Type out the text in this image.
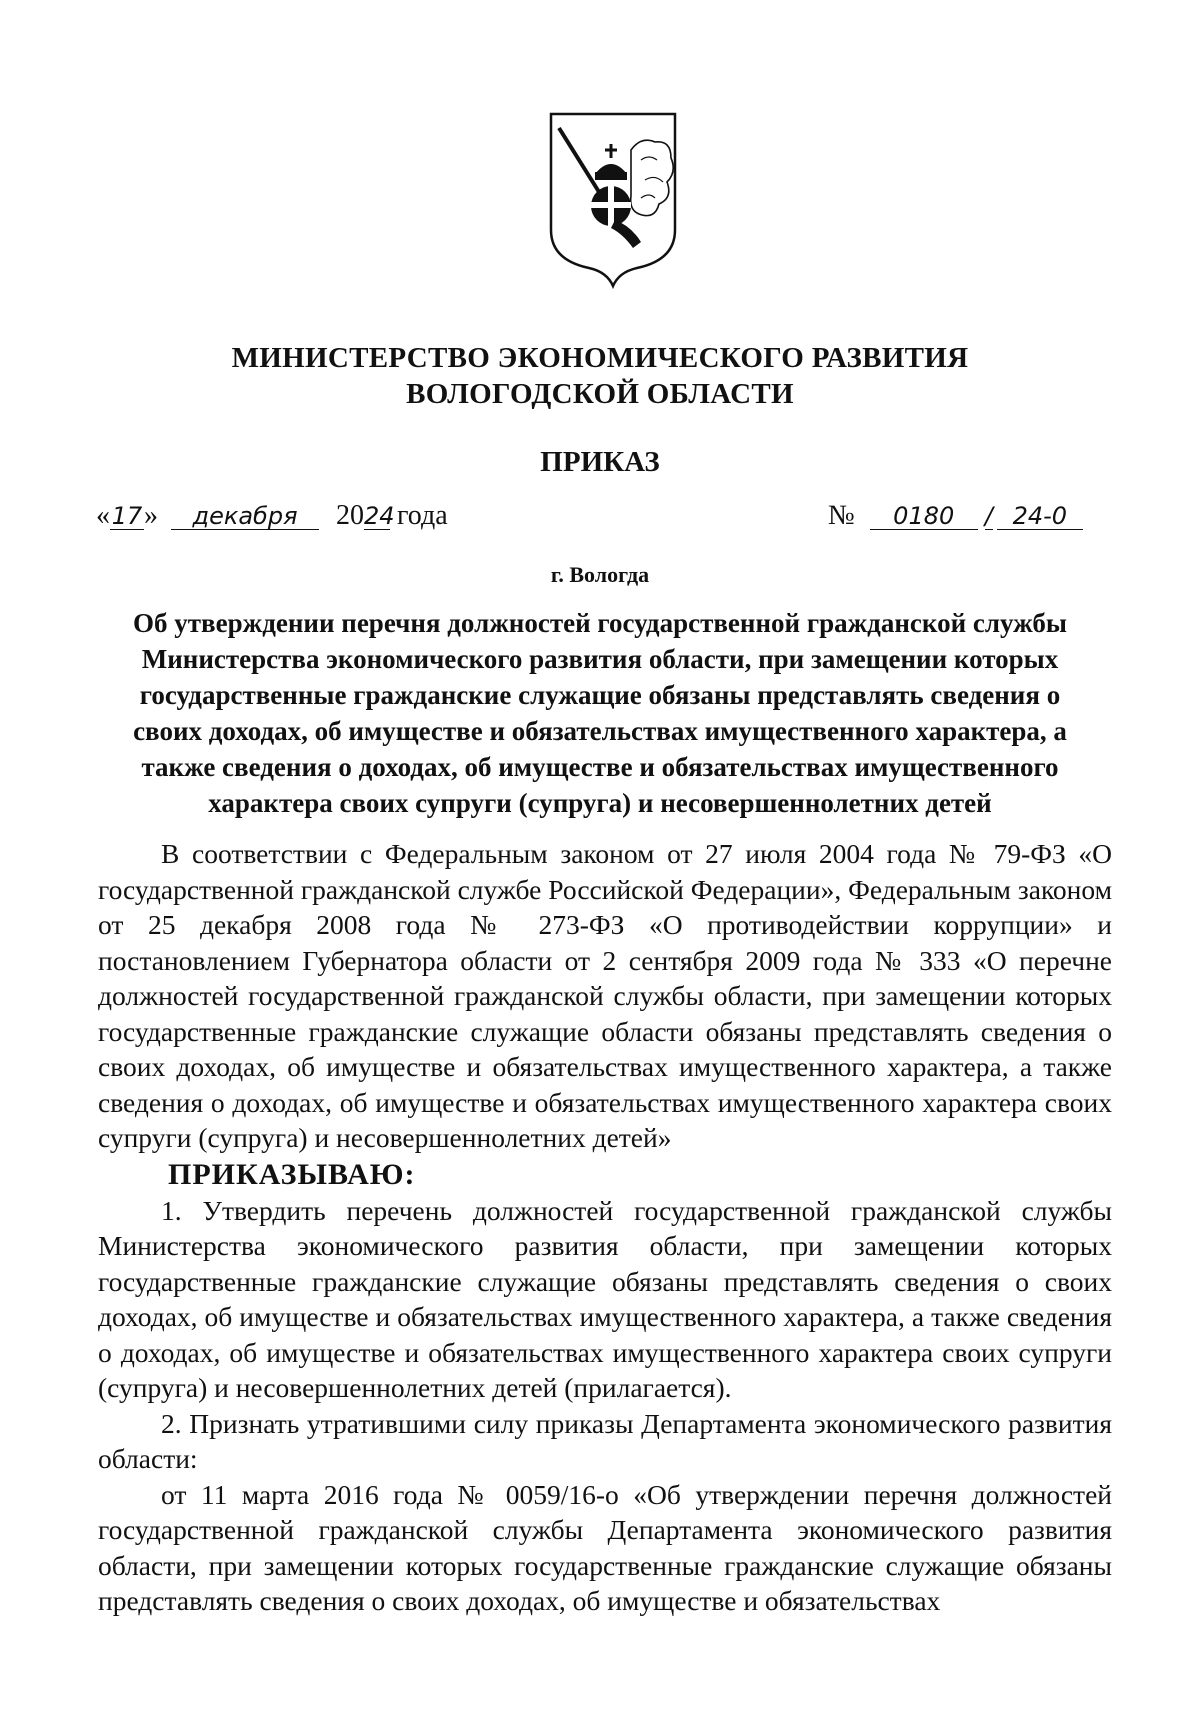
МИНИСТЕРСТВО ЭКОНОМИЧЕСКОГО РАЗВИТИЯ
ВОЛОГОДСКОЙ ОБЛАСТИ
ПРИКАЗ
«17» декабря 2024 года	№ 0180 / 24-0
г. Вологда
Об утверждении перечня должностей государственной гражданской службы Министерства экономического развития области, при замещении которых государственные гражданские служащие обязаны представлять сведения о своих доходах, об имуществе и обязательствах имущественного характера, а также сведения о доходах, об имуществе и обязательствах имущественного характера своих супруги (супруга) и несовершеннолетних детей

В соответствии с Федеральным законом от 27 июля 2004 года № 79-ФЗ «О государственной гражданской службе Российской Федерации», Федеральным законом от 25 декабря 2008 года № 273-ФЗ «О противодействии коррупции» и постановлением Губернатора области от 2 сентября 2009 года № 333 «О перечне должностей государственной гражданской службы области, при замещении которых государственные гражданские служащие области обязаны представлять сведения о своих доходах, об имуществе и обязательствах имущественного характера, а также сведения о доходах, об имуществе и обязательствах имущественного характера своих супруги (супруга) и несовершеннолетних детей»

ПРИКАЗЫВАЮ:

1. Утвердить перечень должностей государственной гражданской службы Министерства экономического развития области, при замещении которых государственные гражданские служащие обязаны представлять сведения о своих доходах, об имуществе и обязательствах имущественного характера, а также сведения о доходах, об имуществе и обязательствах имущественного характера своих супруги (супруга) и несовершеннолетних детей (прилагается).

2. Признать утратившими силу приказы Департамента экономического развития области:

от 11 марта 2016 года № 0059/16-о «Об утверждении перечня должностей государственной гражданской службы Департамента экономического развития области, при замещении которых государственные гражданские служащие обязаны представлять сведения о своих доходах, об имуществе и обязательствах
